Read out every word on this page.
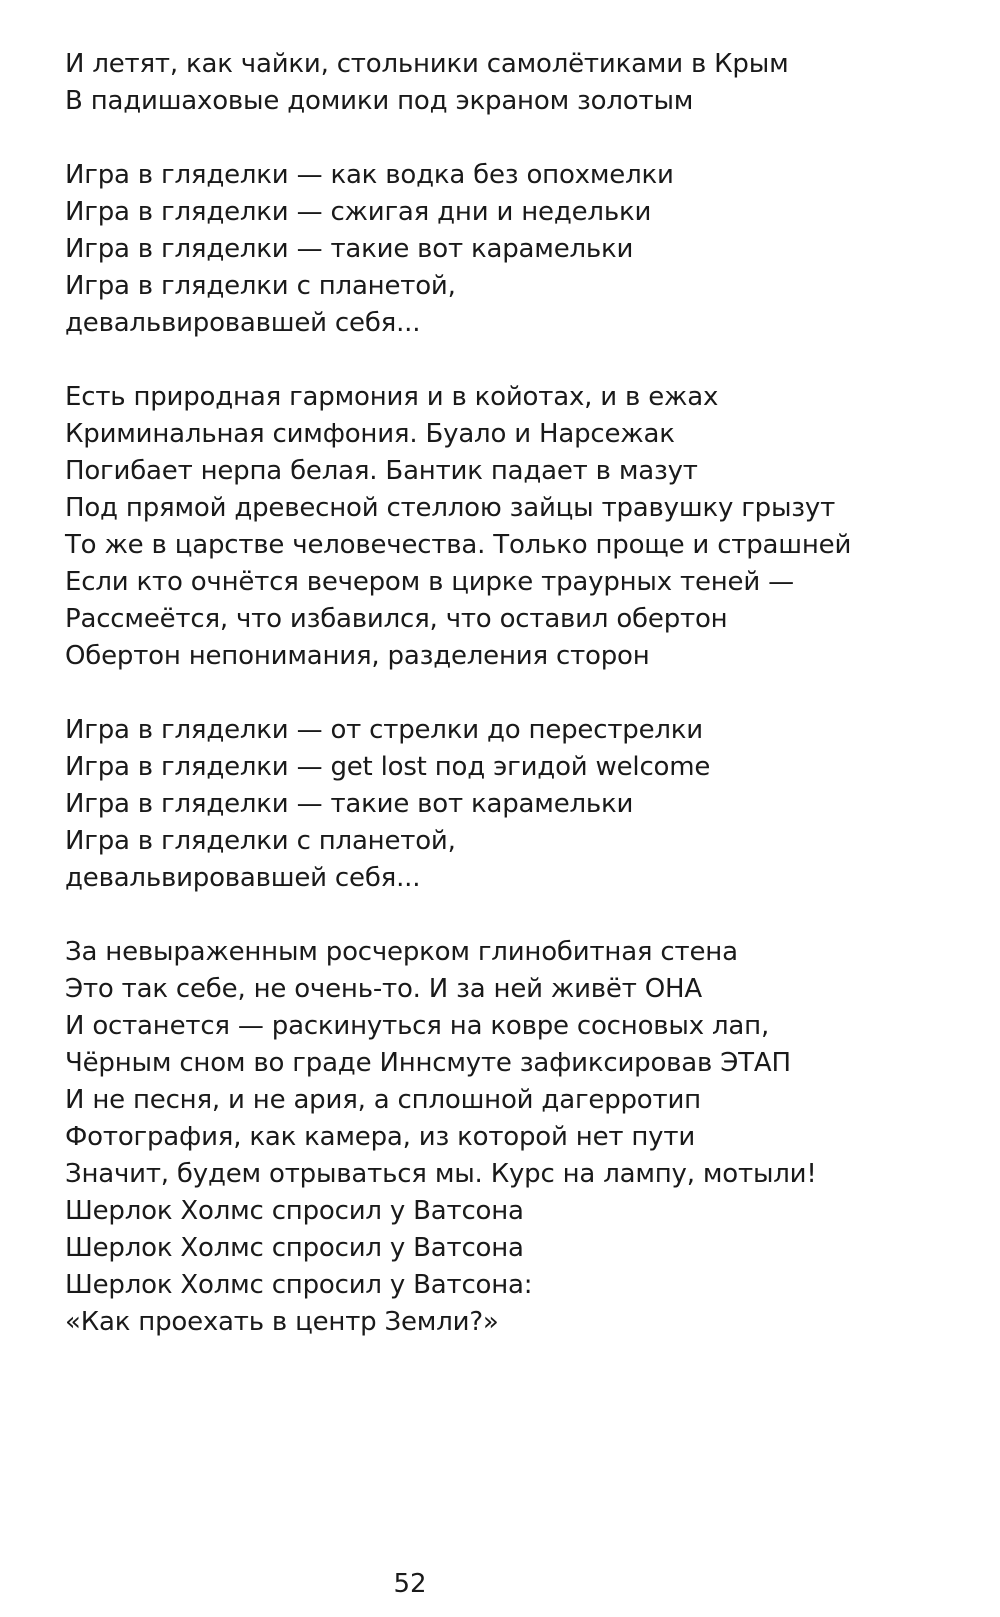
И летят, как чайки, стольники самолётиками в Крым
В падишаховые домики под экраном золотым
Игра в гляделки — как водка без опохмелки
Игра в гляделки — сжигая дни и недельки
Игра в гляделки — такие вот карамельки
Игра в гляделки с планетой,
девальвировавшей себя...
Есть природная гармония и в койотах, и в ежах
Криминальная симфония. Буало и Нарсежак
Погибает нерпа белая. Бантик падает в мазут
Под прямой древесной стеллою зайцы травушку грызут
То же в царстве человечества. Только проще и страшней
Если кто очнётся вечером в цирке траурных теней —
Рассмеётся, что избавился, что оставил обертон
Обертон непонимания, разделения сторон
Игра в гляделки — от стрелки до перестрелки
Игра в гляделки — get lost под эгидой welcome
Игра в гляделки — такие вот карамельки
Игра в гляделки с планетой,
девальвировавшей себя...
За невыраженным росчерком глинобитная стена
Это так себе, не очень-то. И за ней живёт ОНА
И останется — раскинуться на ковре сосновых лап,
Чёрным сном во граде Иннсмуте зафиксировав ЭТАП
И не песня, и не ария, а сплошной дагерротип
Фотография, как камера, из которой нет пути
Значит, будем отрываться мы. Курс на лампу, мотыли!
Шерлок Холмс спросил у Ватсона
Шерлок Холмс спросил у Ватсона
Шерлок Холмс спросил у Ватсона:
«Как проехать в центр Земли?»
52
